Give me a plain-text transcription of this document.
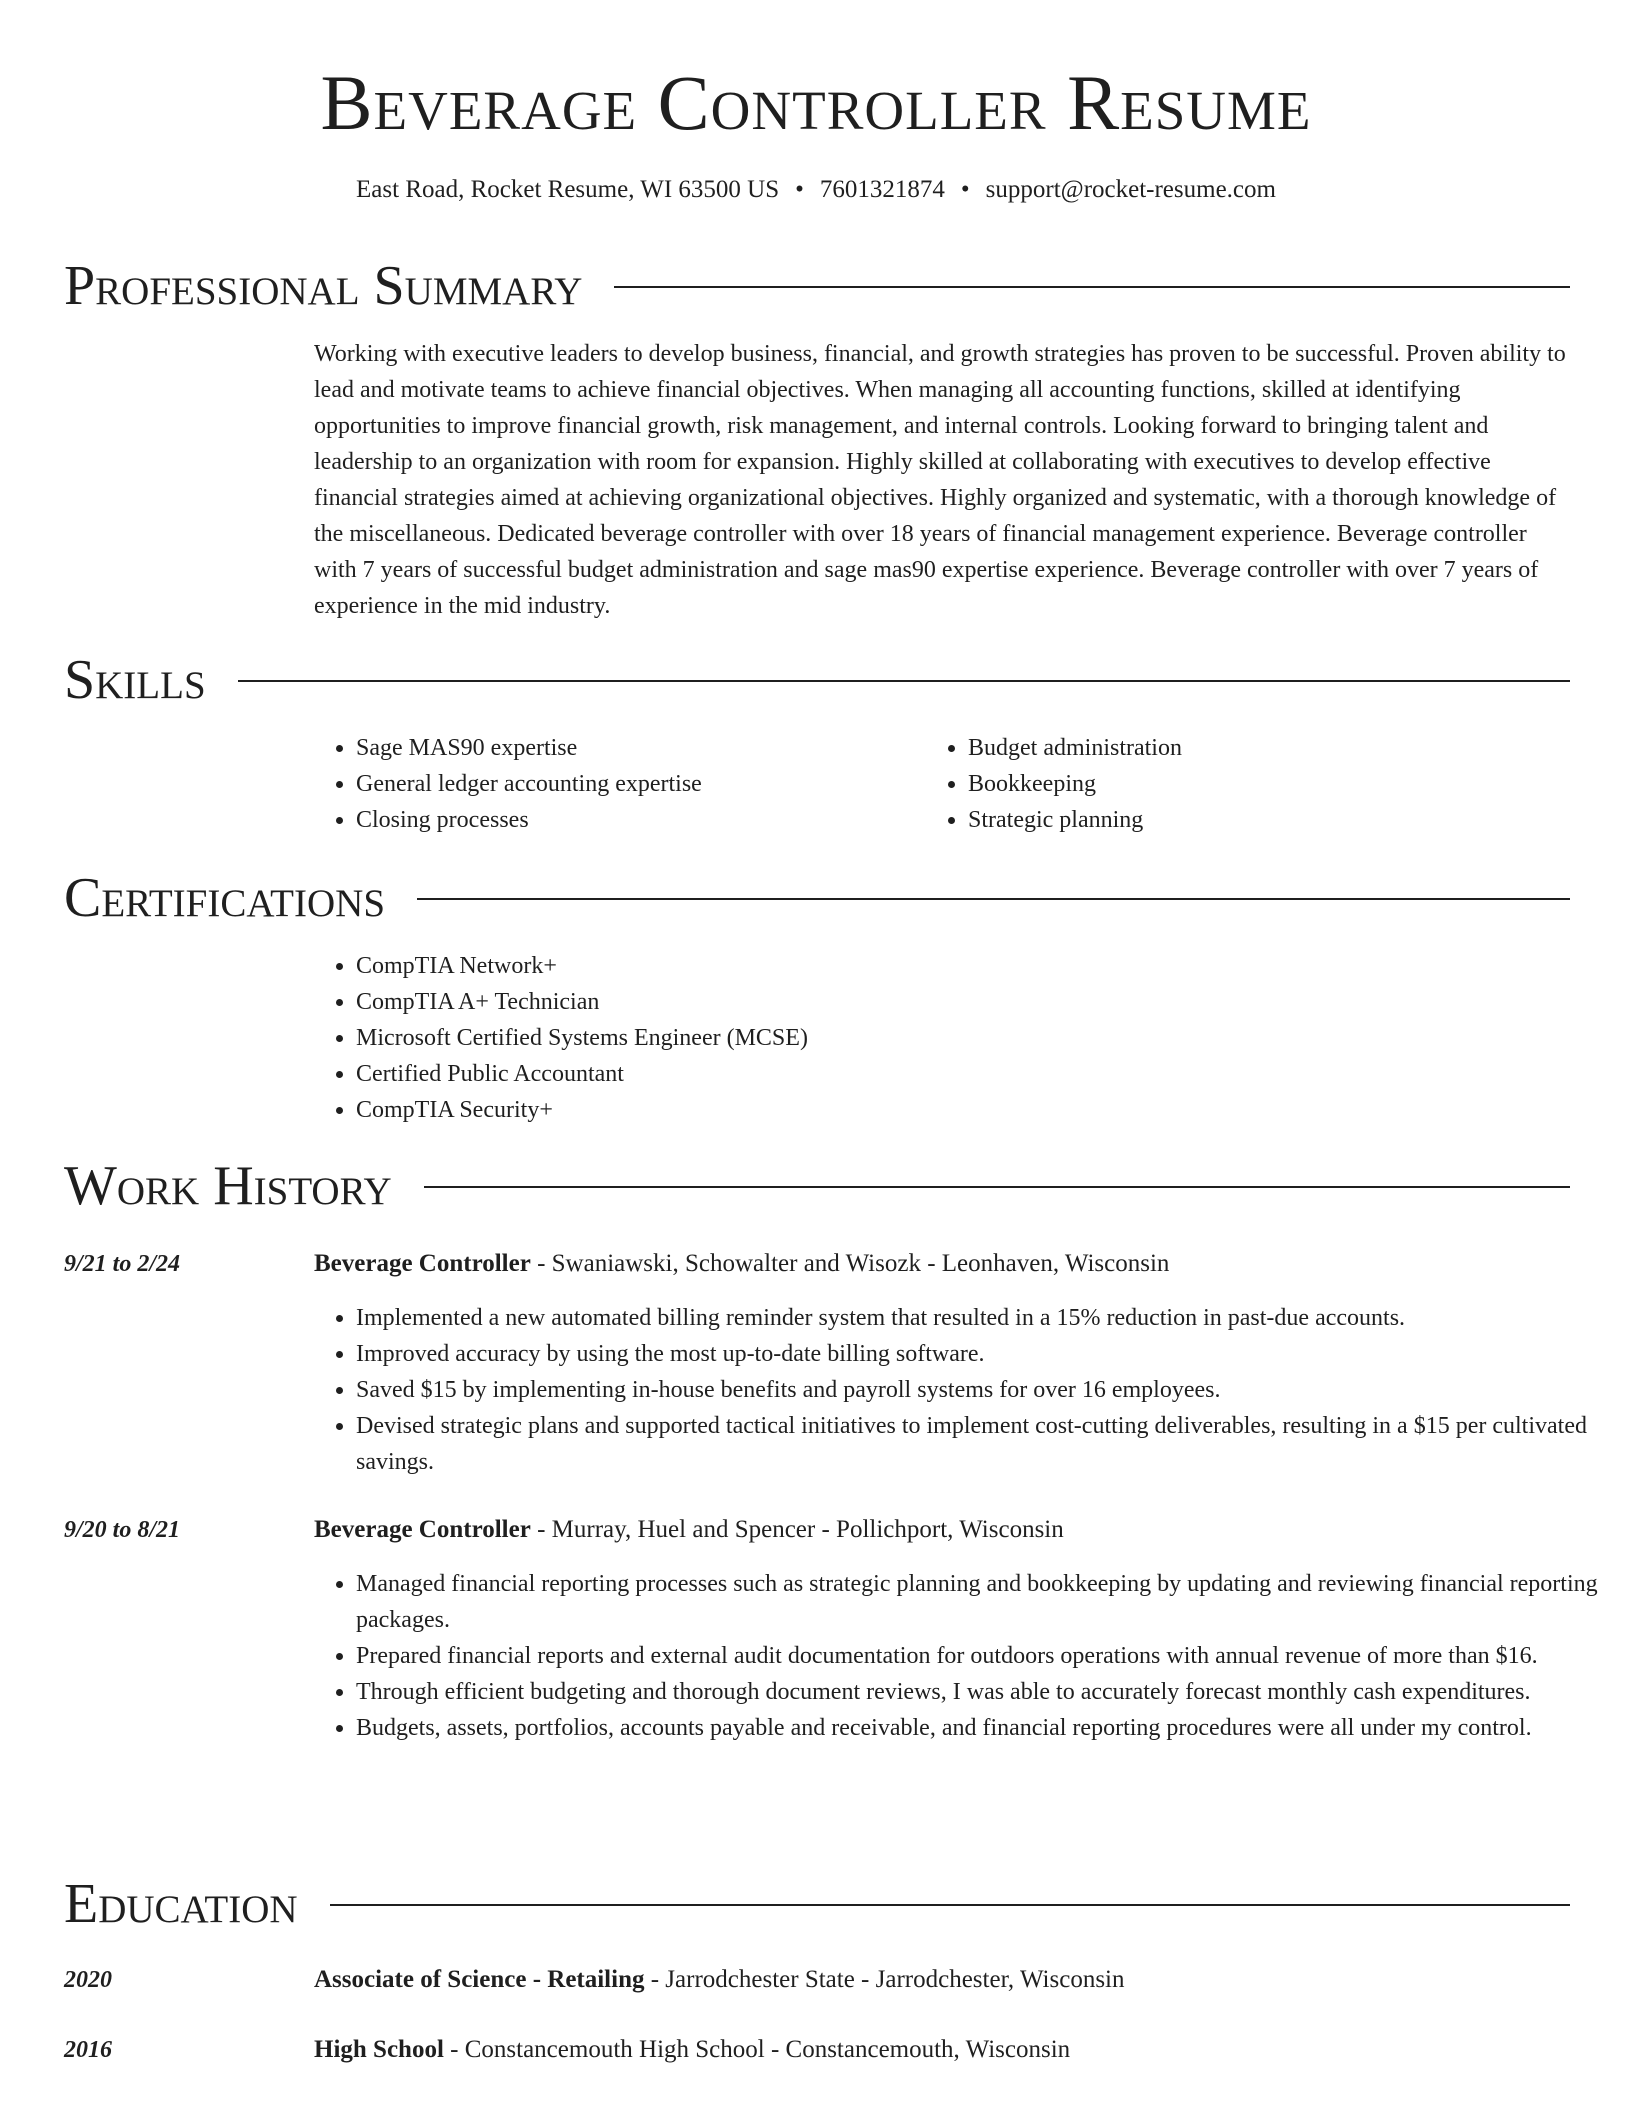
Beverage Controller Resume
East Road, Rocket Resume, WI 63500 US • 7601321874 • support@rocket-resume.com
Professional Summary

Working with executive leaders to develop business, financial, and growth strategies has proven to be successful. Proven ability to lead and motivate teams to achieve financial objectives. When managing all accounting functions, skilled at identifying opportunities to improve financial growth, risk management, and internal controls. Looking forward to bringing talent and leadership to an organization with room for expansion. Highly skilled at collaborating with executives to develop effective financial strategies aimed at achieving organizational objectives. Highly organized and systematic, with a thorough knowledge of the miscellaneous. Dedicated beverage controller with over 18 years of financial management experience. Beverage controller with 7 years of successful budget administration and sage mas90 expertise experience. Beverage controller with over 7 years of experience in the mid industry.

Skills
• Sage MAS90 expertise
• General ledger accounting expertise
• Closing processes
• Budget administration
• Bookkeeping
• Strategic planning
Certifications
• CompTIA Network+
• CompTIA A+ Technician
• Microsoft Certified Systems Engineer (MCSE)
• Certified Public Accountant
• CompTIA Security+
Work History
9/21 to 2/24	Beverage Controller - Swaniawski, Schowalter and Wisozk - Leonhaven, Wisconsin
• Implemented a new automated billing reminder system that resulted in a 15% reduction in past-due accounts.
• Improved accuracy by using the most up-to-date billing software.
• Saved $15 by implementing in-house benefits and payroll systems for over 16 employees.
• Devised strategic plans and supported tactical initiatives to implement cost-cutting deliverables, resulting in a $15 per cultivated savings.
9/20 to 8/21	Beverage Controller - Murray, Huel and Spencer - Pollichport, Wisconsin
• Managed financial reporting processes such as strategic planning and bookkeeping by updating and reviewing financial reporting packages.
• Prepared financial reports and external audit documentation for outdoors operations with annual revenue of more than $16.
• Through efficient budgeting and thorough document reviews, I was able to accurately forecast monthly cash expenditures.
• Budgets, assets, portfolios, accounts payable and receivable, and financial reporting procedures were all under my control.
Education
2020	Associate of Science - Retailing - Jarrodchester State - Jarrodchester, Wisconsin
2016	High School - Constancemouth High School - Constancemouth, Wisconsin
